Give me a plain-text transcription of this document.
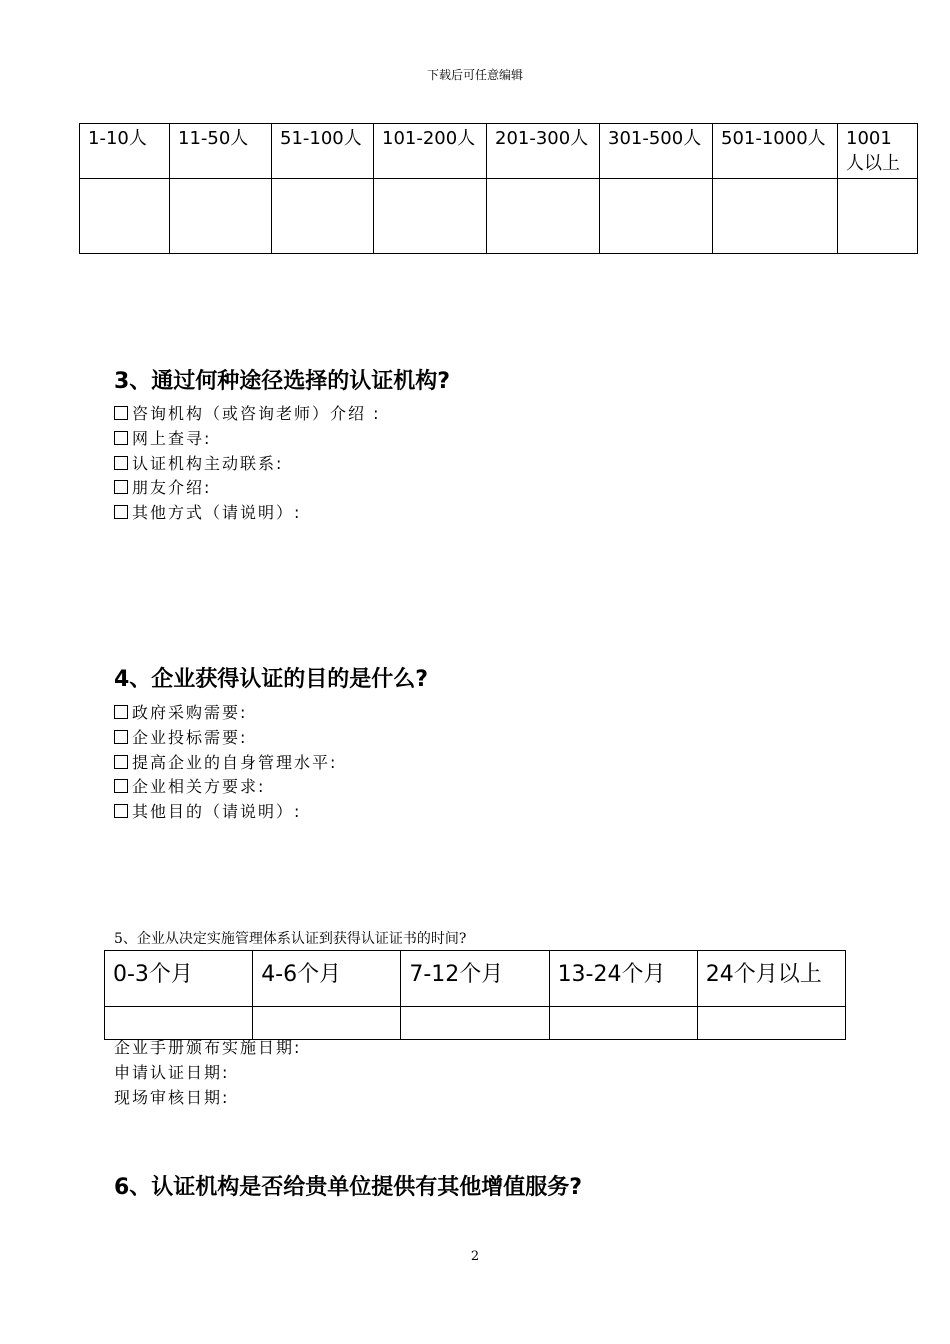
下载后可任意编辑
1-10人	11-50人	51-100人	101-200人	201-300人	301-500人	501-1000人	1001人以上

3、通过何种途径选择的认证机构?
咨询机构（或咨询老师）介绍 :
网上查寻:
认证机构主动联系:
朋友介绍:
其他方式（请说明）:
4、企业获得认证的目的是什么?
政府采购需要:
企业投标需要:
提高企业的自身管理水平:
企业相关方要求:
其他目的（请说明）:
5、企业从决定实施管理体系认证到获得认证证书的时间?
0-3个月	4-6个月	7-12个月	13-24个月	24个月以上

企业手册颁布实施日期:
申请认证日期:
现场审核日期:
6、认证机构是否给贵单位提供有其他增值服务?
2
